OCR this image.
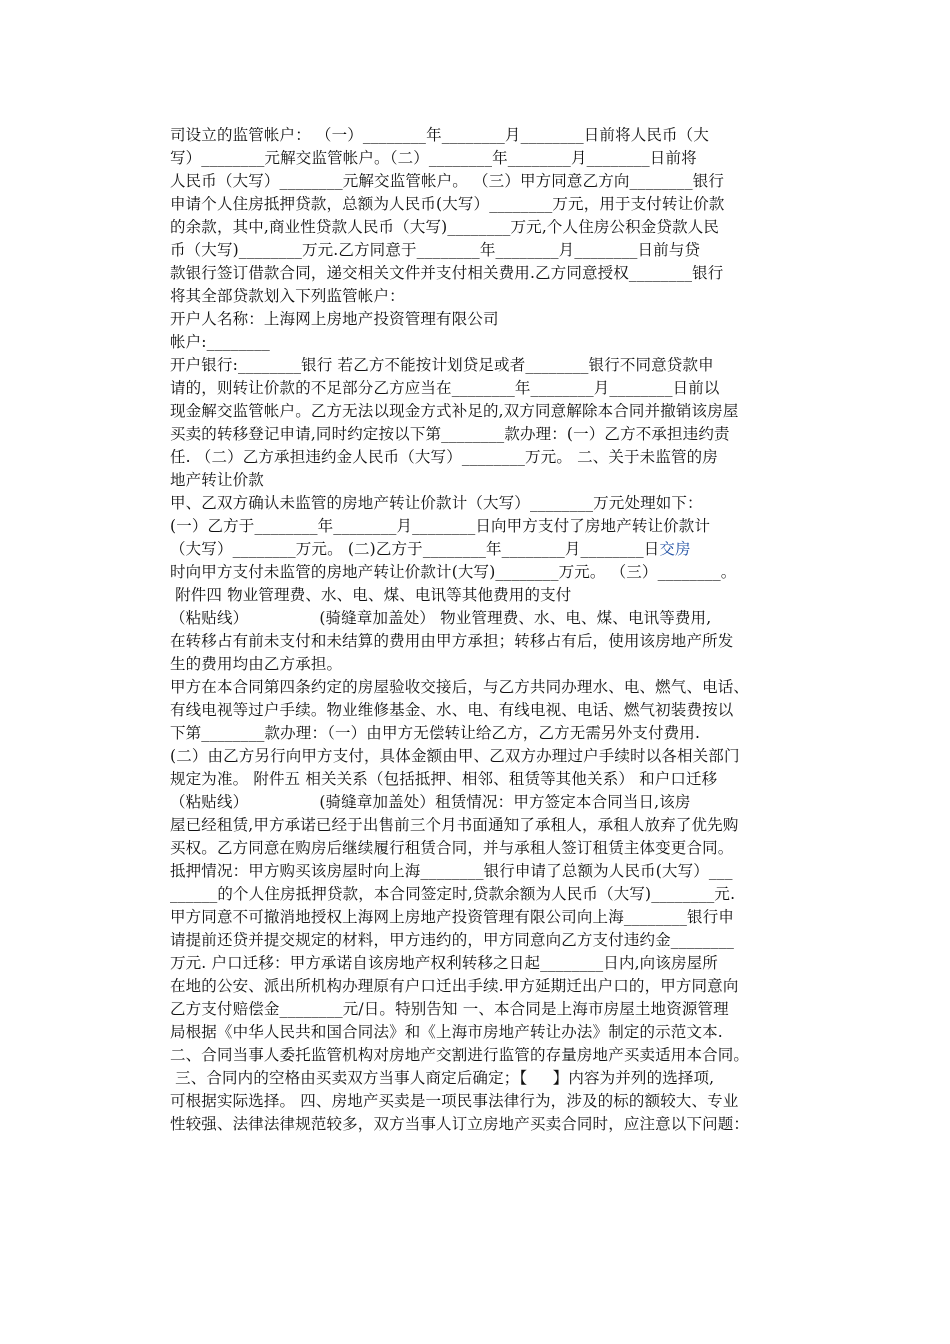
司设立的监管帐户： （一）________年________月________日前将人民币（大
写）________元解交监管帐户。（二）________年________月________日前将
人民币（大写）________元解交监管帐户。 （三）甲方同意乙方向________银行
申请个人住房抵押贷款，总额为人民币(大写）________万元，用于支付转让价款
的余款，其中,商业性贷款人民币（大写)________万元,个人住房公积金贷款人民
币（大写)________万元.乙方同意于________年________月________日前与贷
款银行签订借款合同，递交相关文件并支付相关费用.乙方同意授权________银行
将其全部贷款划入下列监管帐户：
开户人名称：上海网上房地产投资管理有限公司
帐户:________
开户银行:________银行 若乙方不能按计划贷足或者________银行不同意贷款申
请的，则转让价款的不足部分乙方应当在________年________月________日前以
现金解交监管帐户。乙方无法以现金方式补足的,双方同意解除本合同并撤销该房屋
买卖的转移登记申请,同时约定按以下第________款办理：(一）乙方不承担违约责
任. （二）乙方承担违约金人民币（大写）________万元。 二、关于未监管的房
地产转让价款
甲、乙双方确认未监管的房地产转让价款计（大写）________万元处理如下：
(一）乙方于________年________月________日向甲方支付了房地产转让价款计
（大写）________万元。 (二)乙方于________年________月________日交房
时向甲方支付未监管的房地产转让价款计(大写)________万元。 （三）________。
附件四 物业管理费、水、电、煤、电讯等其他费用的支付
（粘贴线）              (骑缝章加盖处） 物业管理费、水、电、煤、电讯等费用,
在转移占有前未支付和未结算的费用由甲方承担；转移占有后，使用该房地产所发
生的费用均由乙方承担。
甲方在本合同第四条约定的房屋验收交接后，与乙方共同办理水、电、燃气、电话、
有线电视等过户手续。物业维修基金、水、电、有线电视、电话、燃气初装费按以
下第________款办理：（一）由甲方无偿转让给乙方，乙方无需另外支付费用.
(二）由乙方另行向甲方支付，具体金额由甲、乙双方办理过户手续时以各相关部门
规定为准。 附件五 相关关系（包括抵押、相邻、租赁等其他关系） 和户口迁移
（粘贴线）              (骑缝章加盖处）租赁情况：甲方签定本合同当日,该房
屋已经租赁,甲方承诺已经于出售前三个月书面通知了承租人，承租人放弃了优先购
买权。乙方同意在购房后继续履行租赁合同，并与承租人签订租赁主体变更合同。
抵押情况：甲方购买该房屋时向上海________银行申请了总额为人民币(大写）___
______的个人住房抵押贷款，本合同签定时,贷款余额为人民币（大写)________元.
甲方同意不可撤消地授权上海网上房地产投资管理有限公司向上海________银行申
请提前还贷并提交规定的材料，甲方违约的，甲方同意向乙方支付违约金________
万元. 户口迁移：甲方承诺自该房地产权利转移之日起________日内,向该房屋所
在地的公安、派出所机构办理原有户口迁出手续.甲方延期迁出户口的，甲方同意向
乙方支付赔偿金________元/日。特别告知 一、本合同是上海市房屋土地资源管理
局根据《中华人民共和国合同法》和《上海市房地产转让办法》制定的示范文本.
二、合同当事人委托监管机构对房地产交割进行监管的存量房地产买卖适用本合同。
三、合同内的空格由买卖双方当事人商定后确定；【     】内容为并列的选择项,
可根据实际选择。 四、房地产买卖是一项民事法律行为，涉及的标的额较大、专业
性较强、法律法律规范较多，双方当事人订立房地产买卖合同时，应注意以下问题：
